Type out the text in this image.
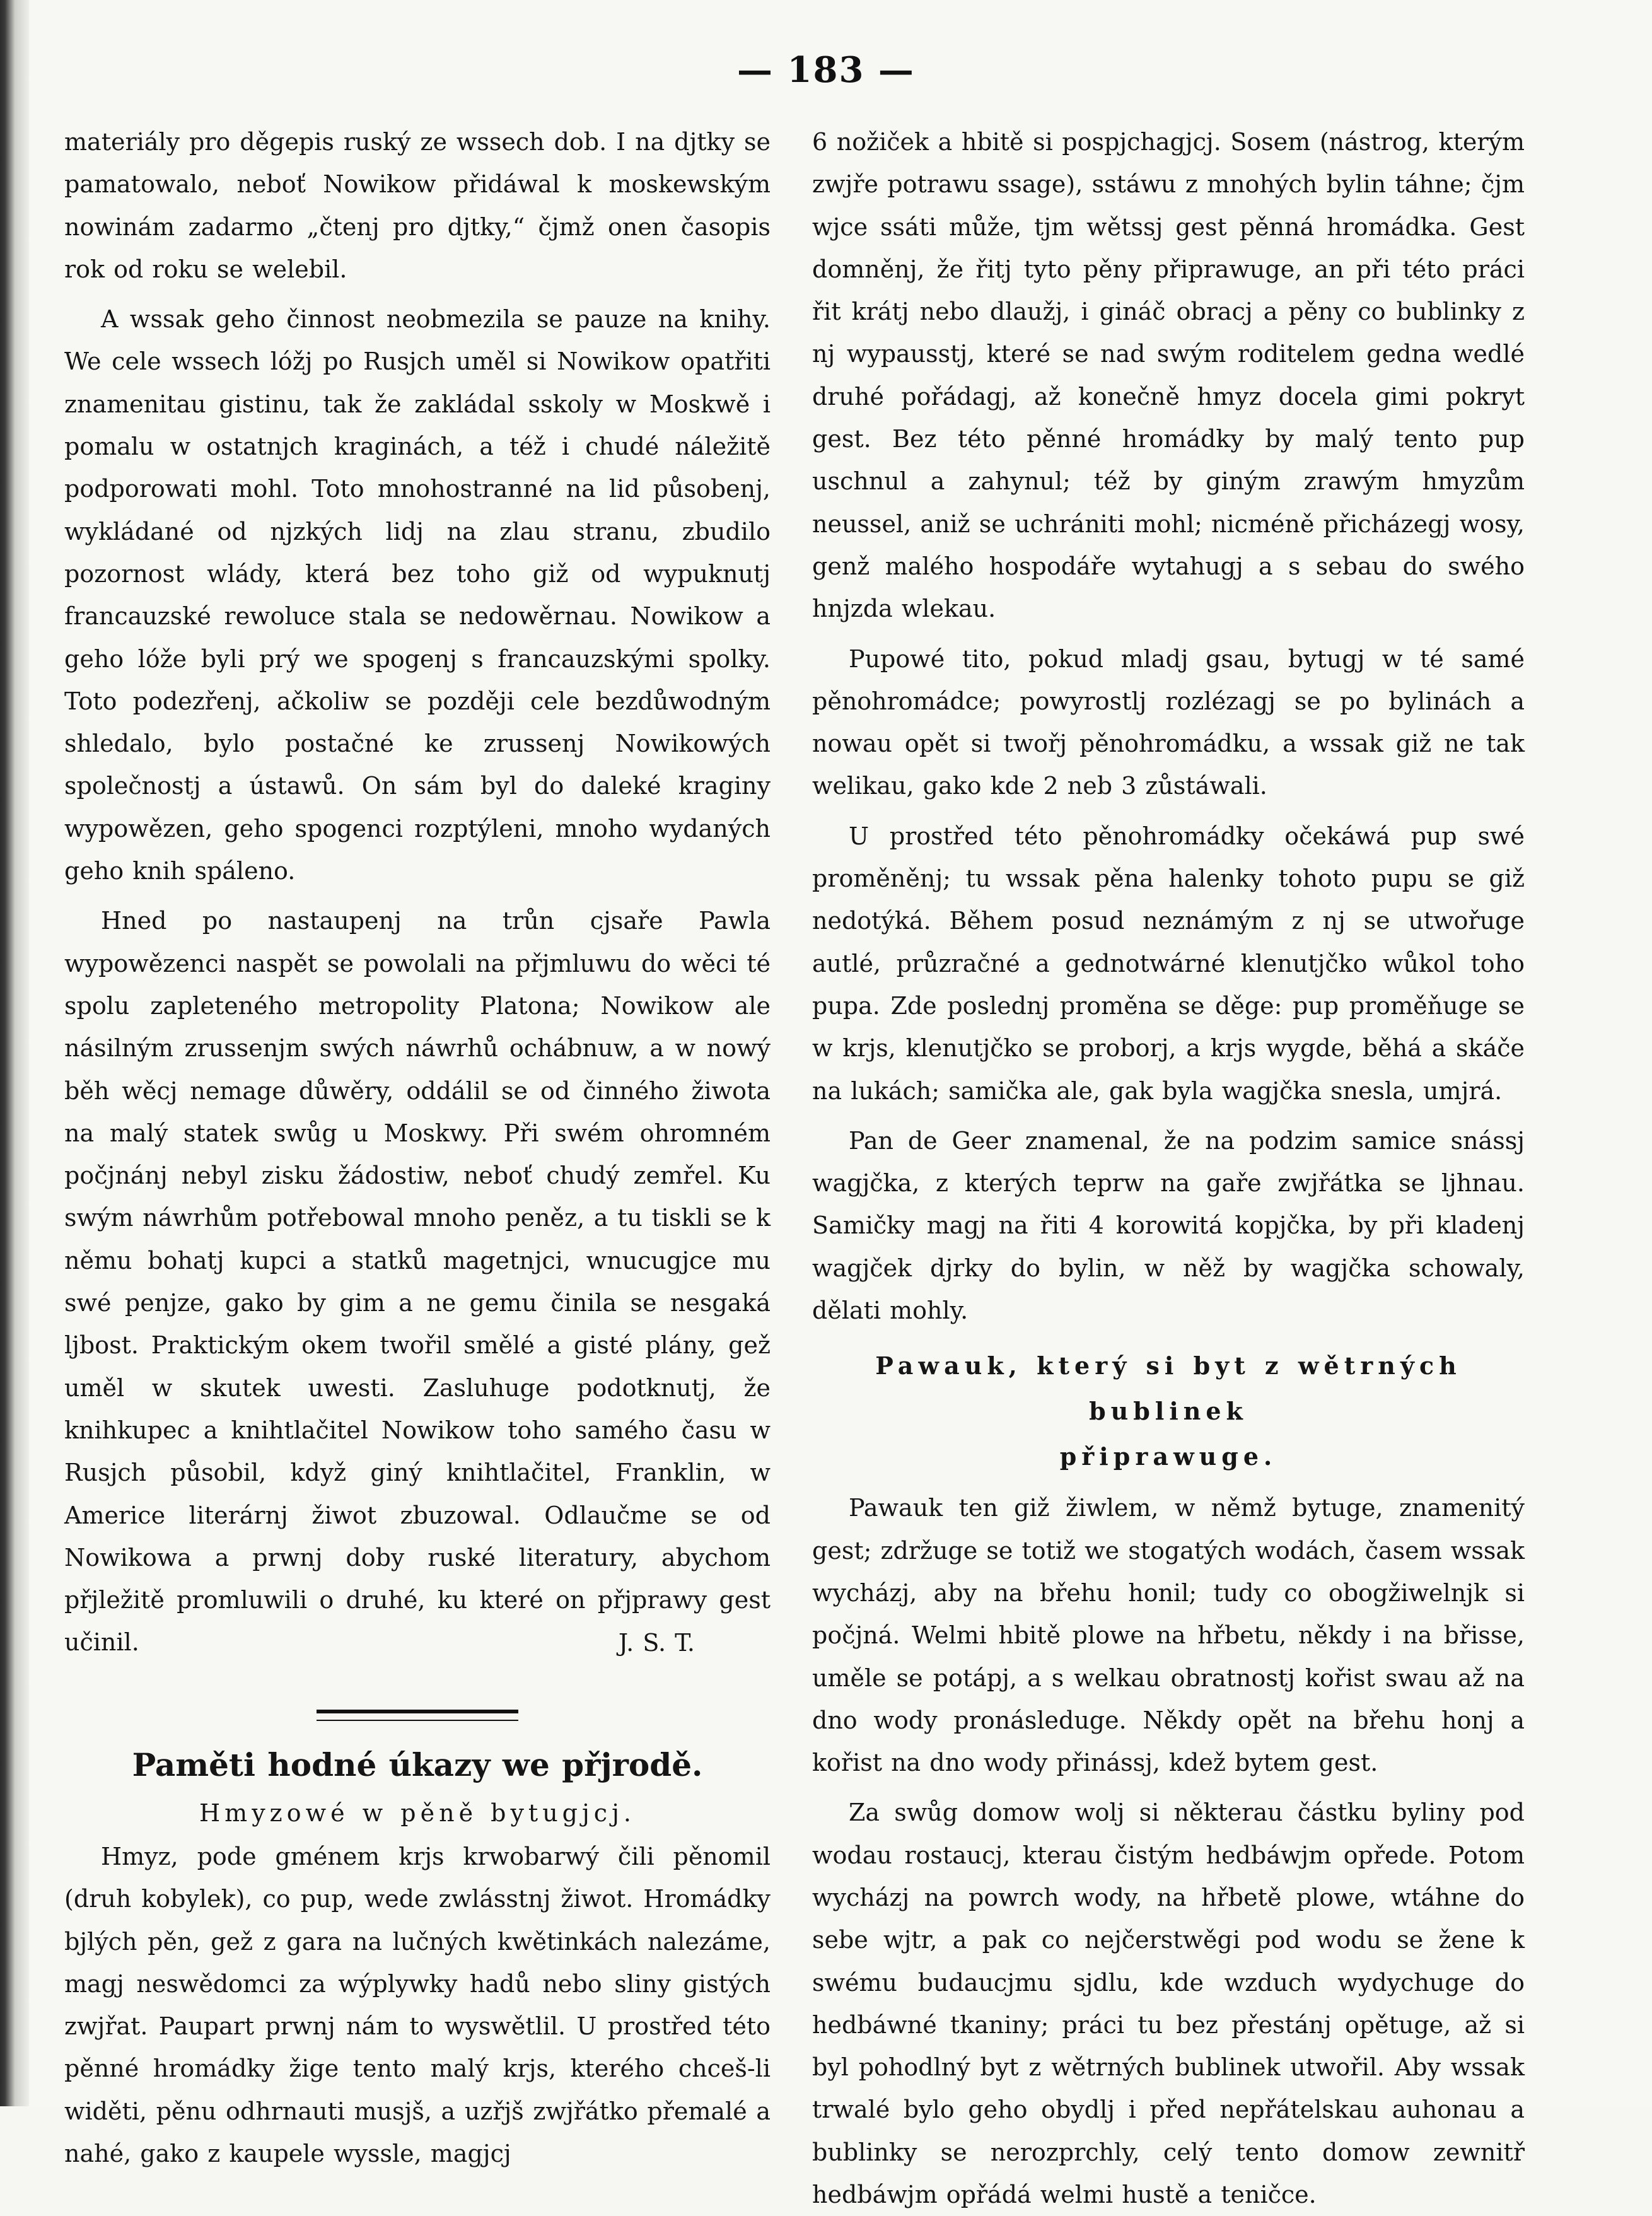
— 183 —

materiály pro děgepis ruský ze wssech dob. I na djtky se pamatowalo, neboť Nowikow přidáwal k moskewským nowinám zadarmo „čtenj pro djtky,“ čjmž onen časopis rok od roku se welebil.

A wssak geho činnost neobmezila se pauze na knihy. We cele wssech lóžj po Rusjch uměl si Nowikow opatřiti znamenitau gistinu, tak že zakládal sskoly w Moskwě i pomalu w ostatnjch kraginách, a též i chudé náležitě podporowati mohl. Toto mnohostranné na lid působenj, wykládané od njzkých lidj na zlau stranu, zbudilo pozornost wlády, která bez toho giž od wypuknutj francauzské rewoluce stala se nedowěrnau. Nowikow a geho lóže byli prý we spogenj s francauzskými spolky. Toto podezřenj, ačkoliw se později cele bezdůwodným shledalo, bylo postačné ke zrussenj Nowikowých společnostj a ústawů. On sám byl do daleké kraginy wypowězen, geho spogenci rozptýleni, mnoho wydaných geho knih spáleno.

Hned po nastaupenj na trůn cjsaře Pawla wypowězenci naspět se powolali na přjmluwu do wěci té spolu zapleteného metropolity Platona; Nowikow ale násilným zrussenjm swých náwrhů ochábnuw, a w nowý běh wěcj nemage důwěry, oddálil se od činného žiwota na malý statek swůg u Moskwy. Při swém ohromném počjnánj nebyl zisku žádostiw, neboť chudý zemřel. Ku swým náwrhům potřebowal mnoho peněz, a tu tiskli se k němu bohatj kupci a statků magetnjci, wnucugjce mu swé penjze, gako by gim a ne gemu činila se nesgaká ljbost. Praktickým okem twořil smělé a gisté plány, gež uměl w skutek uwesti. Zasluhuge podotknutj, že knihkupec a knihtlačitel Nowikow toho samého času w Rusjch působil, když giný knihtlačitel, Franklin, w Americe literárnj žiwot zbuzowal. Odlaučme se od Nowikowa a prwnj doby ruské literatury, abychom přjležitě promluwili o druhé, ku které on přjprawy gest učinil.	J. S. T.

Paměti hodné úkazy we přjrodě.

Hmyzowé w pěně bytugjcj.

Hmyz, pode gménem krjs krwobarwý čili pěnomil (druh kobylek), co pup, wede zwlásstnj žiwot. Hromádky bjlých pěn, gež z gara na lučných kwětinkách nalezáme, magj neswědomci za wýplywky hadů nebo sliny gistých zwjřat. Paupart prwnj nám to wyswětlil. U prostřed této pěnné hromádky žige tento malý krjs, kterého chceš-li widěti, pěnu odhrnauti musjš, a uzřjš zwjřátko přemalé a nahé, gako z kaupele wyssle, magjcj

6 nožiček a hbitě si pospjchagjcj. Sosem (nástrog, kterým zwjře potrawu ssage), sstáwu z mnohých bylin táhne; čjm wjce ssáti může, tjm wětssj gest pěnná hromádka. Gest domněnj, že řitj tyto pěny připrawuge, an při této práci řit krátj nebo dlaužj, i gináč obracj a pěny co bublinky z nj wypausstj, které se nad swým roditelem gedna wedlé druhé pořádagj, až konečně hmyz docela gimi pokryt gest. Bez této pěnné hromádky by malý tento pup uschnul a zahynul; též by giným zrawým hmyzům neussel, aniž se uchrániti mohl; nicméně přicházegj wosy, genž malého hospodáře wytahugj a s sebau do swého hnjzda wlekau.

Pupowé tito, pokud mladj gsau, bytugj w té samé pěnohromádce; powyrostlj rozlézagj se po bylinách a nowau opět si twořj pěnohromádku, a wssak giž ne tak welikau, gako kde 2 neb 3 zůstáwali.

U prostřed této pěnohromádky očekáwá pup swé proměněnj; tu wssak pěna halenky tohoto pupu se giž nedotýká. Během posud neznámým z nj se utwořuge autlé, průzračné a gednotwárné klenutjčko wůkol toho pupa. Zde poslednj proměna se děge: pup proměňuge se w krjs, klenutjčko se proborj, a krjs wygde, běhá a skáče na lukách; samička ale, gak byla wagjčka snesla, umjrá.

Pan de Geer znamenal, že na podzim samice snássj wagjčka, z kterých teprw na gaře zwjřátka se ljhnau. Samičky magj na řiti 4 korowitá kopjčka, by při kladenj wagjček djrky do bylin, w něž by wagjčka schowaly, dělati mohly.

Pawauk, který si byt z wětrných bublinek

připrawuge.

Pawauk ten giž žiwlem, w němž bytuge, znamenitý gest; zdržuge se totiž we stogatých wodách, časem wssak wycházj, aby na břehu honil; tudy co obogžiwelnjk si počjná. Welmi hbitě plowe na hřbetu, někdy i na břisse, uměle se potápj, a s welkau obratnostj kořist swau až na dno wody pronásleduge. Někdy opět na břehu honj a kořist na dno wody přinássj, kdež bytem gest.

Za swůg domow wolj si některau částku byliny pod wodau rostaucj, kterau čistým hedbáwjm opřede. Potom wycházj na powrch wody, na hřbetě plowe, wtáhne do sebe wjtr, a pak co nejčerstwěgi pod wodu se žene k swému budaucjmu sjdlu, kde wzduch wydychuge do hedbáwné tkaniny; práci tu bez přestánj opětuge, až si byl pohodlný byt z wětrných bublinek utwořil. Aby wssak trwalé bylo geho obydlj i před nepřátelskau auhonau a bublinky se nerozprchly, celý tento domow zewnitř hedbáwjm opřádá welmi hustě a teničce.
